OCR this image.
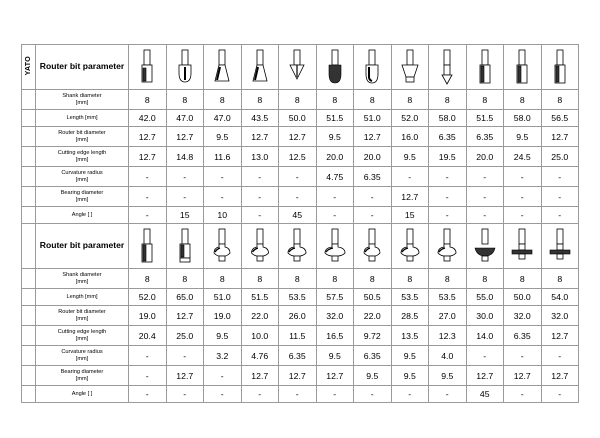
YATO	Router bit parameter	

	Shank diameter
[mm]	8	8	8	8	8	8	8	8	8	8	8	8

	Length [mm]	42.0	47.0	47.0	43.5	50.0	51.5	51.0	52.0	58.0	51.5	58.0	56.5

	Router bit diameter
[mm]	12.7	12.7	9.5	12.7	12.7	9.5	12.7	16.0	6.35	6.35	9.5	12.7

	Cutting edge length
[mm]	12.7	14.8	11.6	13.0	12.5	20.0	20.0	9.5	19.5	20.0	24.5	25.0

	Curvature radius
[mm]	-	-	-	-	-	4.75	6.35	-	-	-	-	-

	Bearing diameter
[mm]	-	-	-	-	-	-	-	12.7	-	-	-	-

	Angle [ ]	-	15	10	-	45	-	-	15	-	-	-	-
	Router bit parameter	

	Shank diameter
[mm]	8	8	8	8	8	8	8	8	8	8	8	8

	Length [mm]	52.0	65.0	51.0	51.5	53.5	57.5	50.5	53.5	53.5	55.0	50.0	54.0

	Router bit diameter
[mm]	19.0	12.7	19.0	22.0	26.0	32.0	22.0	28.5	27.0	30.0	32.0	32.0

	Cutting edge length
[mm]	20.4	25.0	9.5	10.0	11.5	16.5	9.72	13.5	12.3	14.0	6.35	12.7

	Curvature radius
[mm]	-	-	3.2	4.76	6.35	9.5	6.35	9.5	4.0	-	-	-

	Bearing diameter
[mm]	-	12.7	-	12.7	12.7	12.7	9.5	9.5	9.5	12.7	12.7	12.7

	Angle [ ]	-	-	-	-	-	-	-	-	-	45	-	-
